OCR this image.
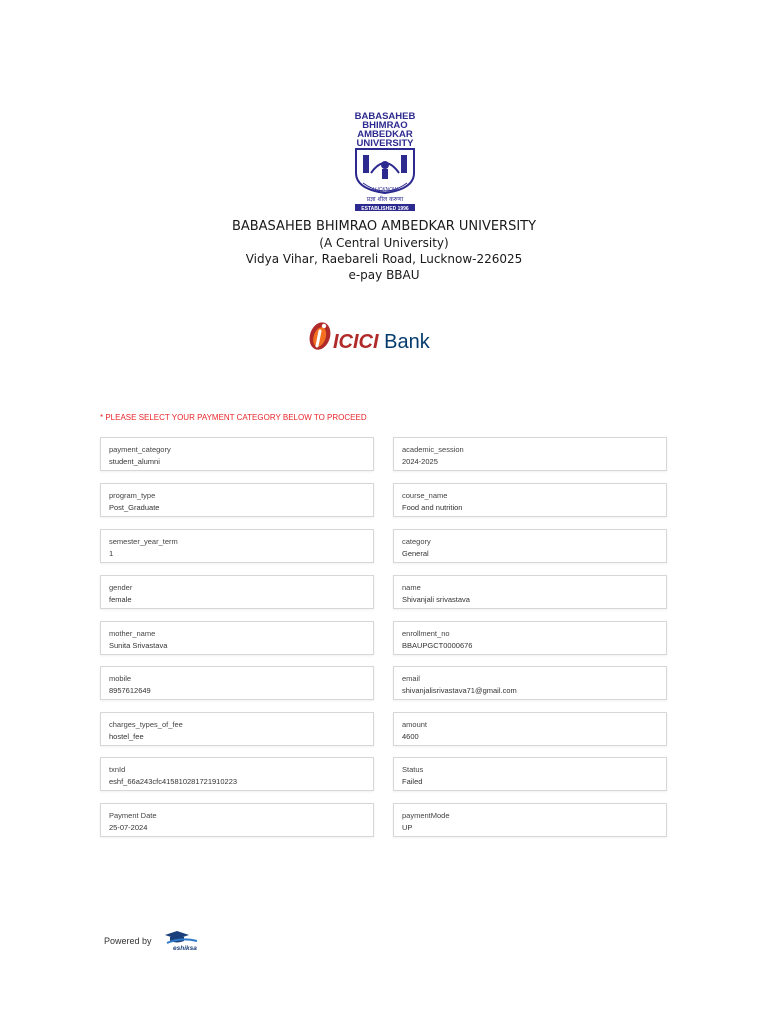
BABASAHEB
BHIMRAO
AMBEDKAR
UNIVERSITY
LUCKNOW
प्रज्ञा शील करुणा
ESTABLISHED 1996
BABASAHEB BHIMRAO AMBEDKAR UNIVERSITY
(A Central University)
Vidya Vihar, Raebareli Road, Lucknow-226025
e-pay BBAU
ICICI Bank
* PLEASE SELECT YOUR PAYMENT CATEGORY BELOW TO PROCEED
payment_category
student_alumni
academic_session
2024-2025
program_type
Post_Graduate
course_name
Food and nutrition
semester_year_term
1
category
General
gender
female
name
Shivanjali srivastava
mother_name
Sunita Srivastava
enrollment_no
BBAUPGCT0000676
mobile
8957612649
email
shivanjalisrivastava71@gmail.com
charges_types_of_fee
hostel_fee
amount
4600
txnId
eshf_66a243cfc4158102817​21910223
Status
Failed
Payment Date
25-07-2024
paymentMode
UP
Powered by
eshiksa
